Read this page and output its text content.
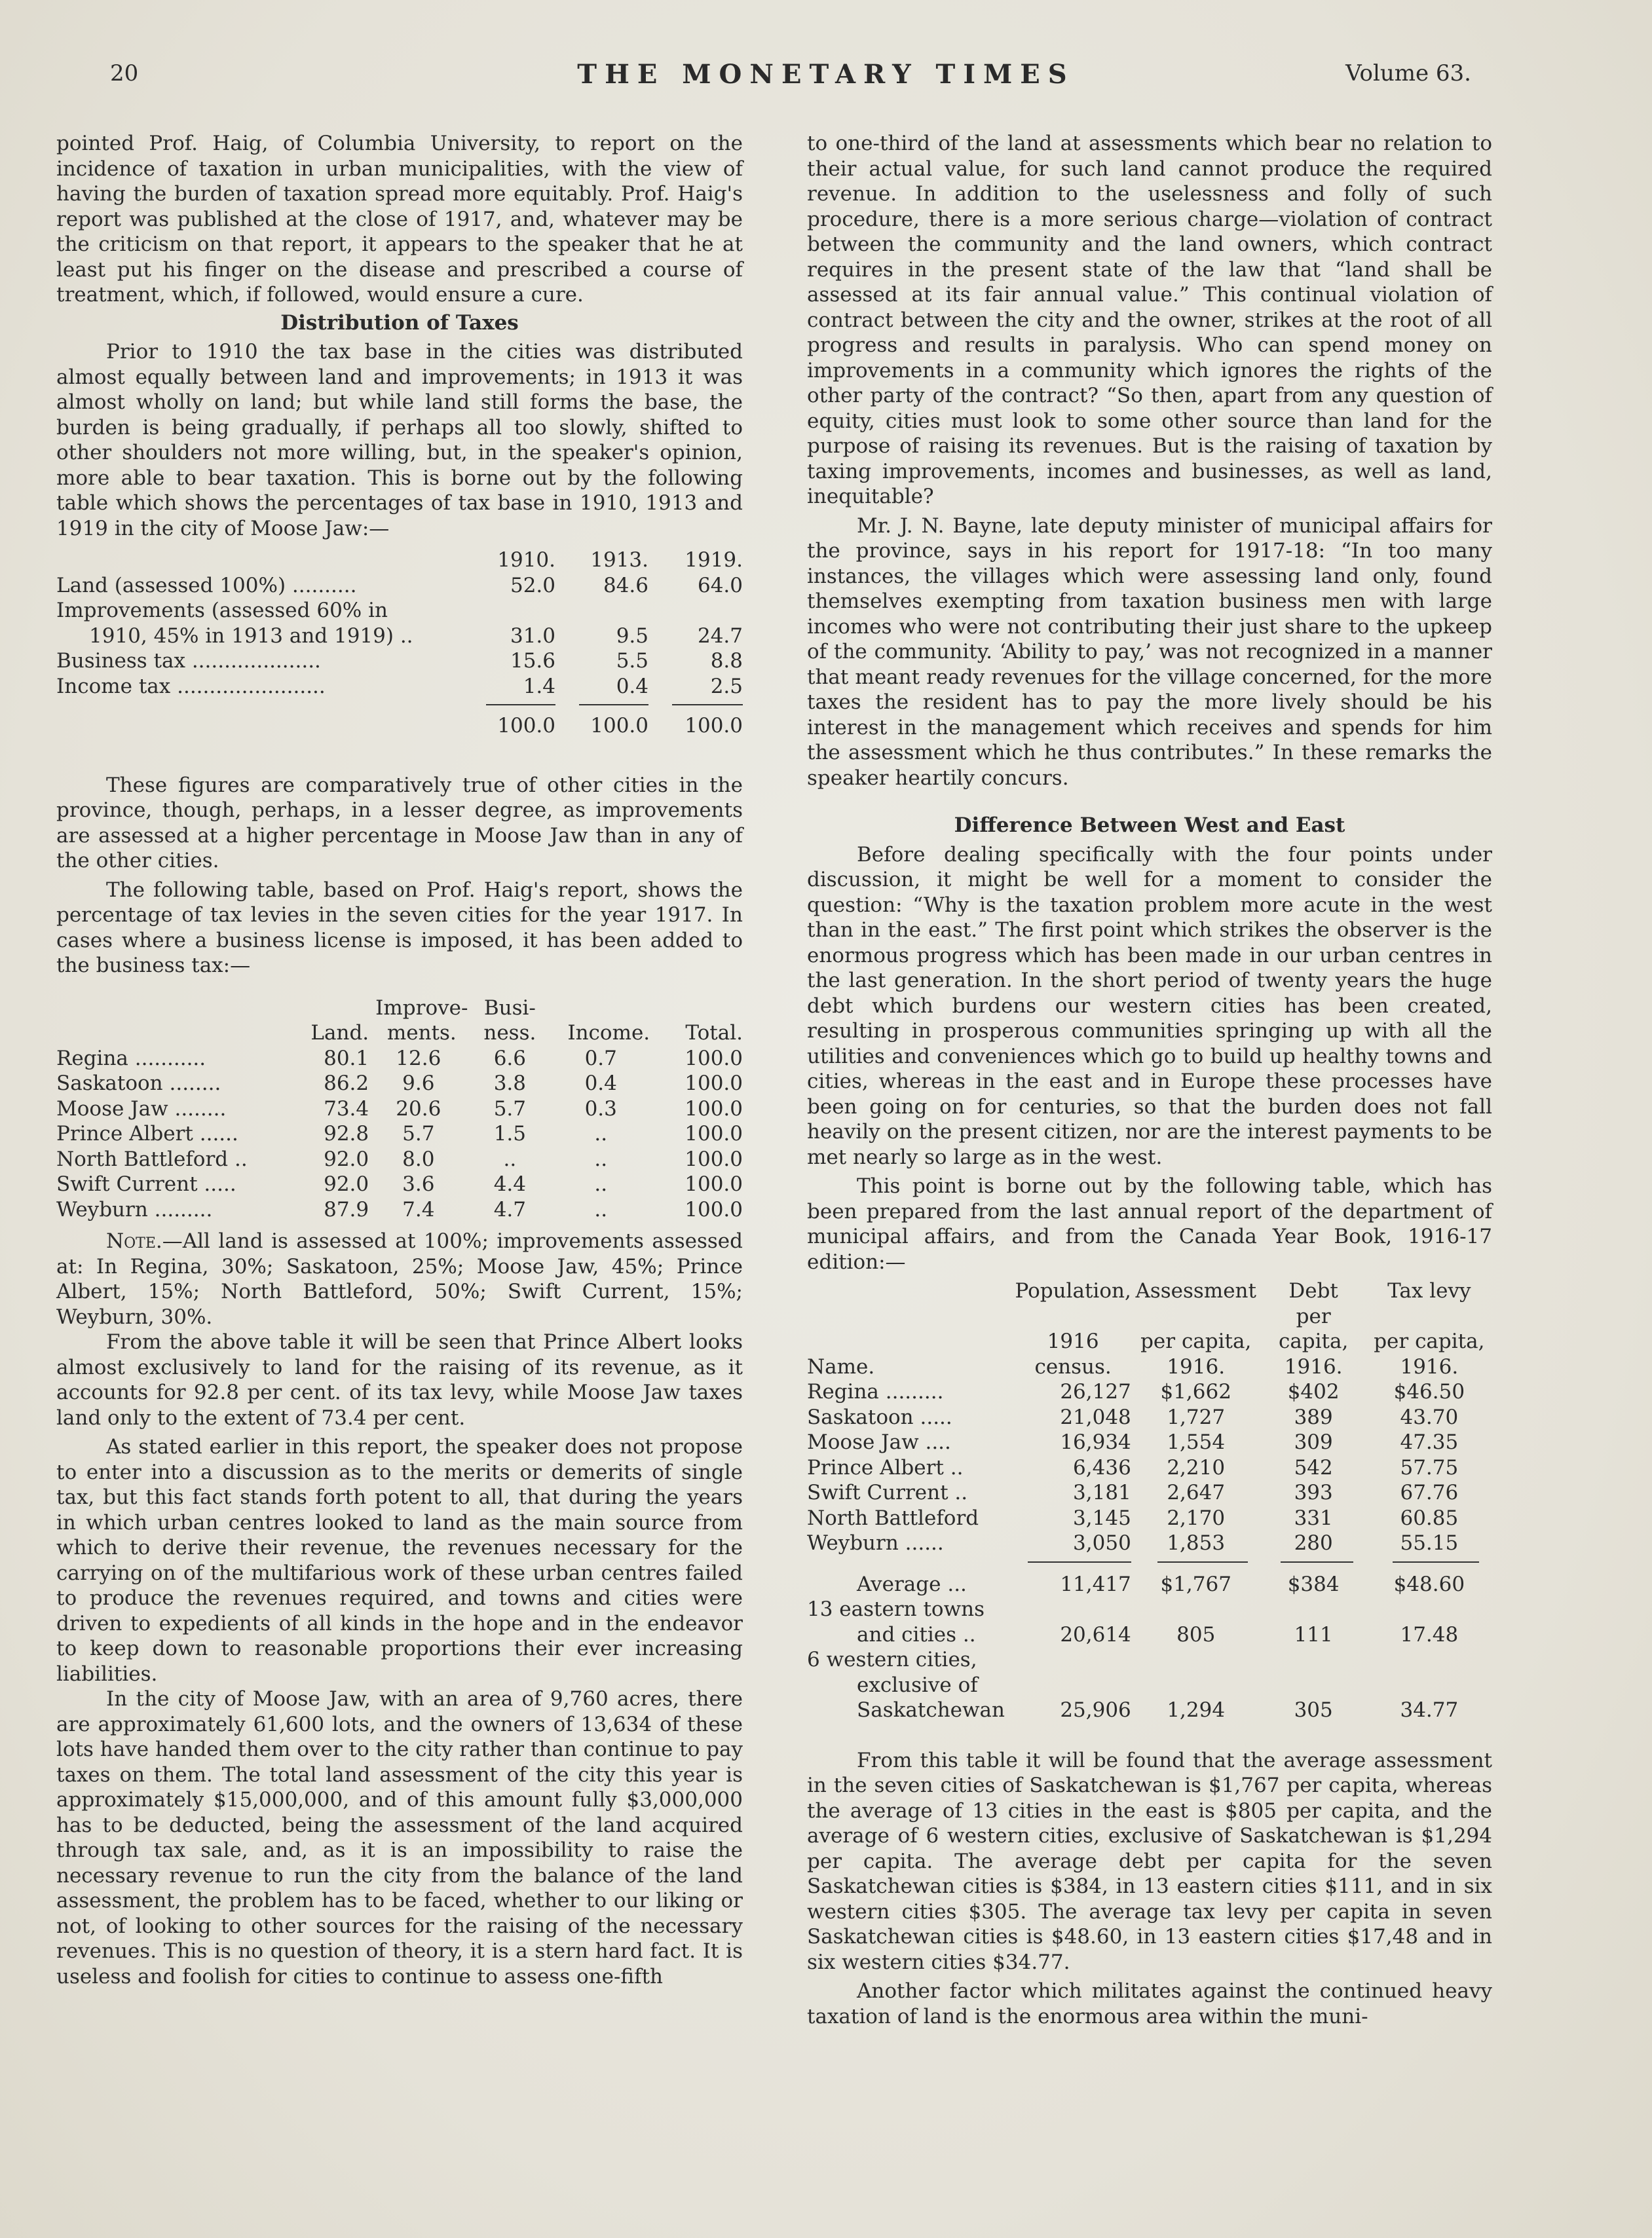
20	THE MONETARY TIMES	Volume 63.

pointed Prof. Haig, of Columbia University, to report on the incidence of taxation in urban municipalities, with the view of having the burden of taxation spread more equitably. Prof. Haig's report was published at the close of 1917, and, whatever may be the criticism on that report, it appears to the speaker that he at least put his finger on the disease and prescribed a course of treatment, which, if followed, would ensure a cure.

Distribution of Taxes

Prior to 1910 the tax base in the cities was distributed almost equally between land and improvements; in 1913 it was almost wholly on land; but while land still forms the base, the burden is being gradually, if perhaps all too slowly, shifted to other shoulders not more willing, but, in the speaker's opinion, more able to bear taxation. This is borne out by the following table which shows the percentages of tax base in 1910, 1913 and 1919 in the city of Moose Jaw:—

	1910.	1913.	1919.
Land (assessed 100%) ..........	52.0	84.6	64.0
Improvements (assessed 60% in			
1910, 45% in 1913 and 1919) ..	31.0	9.5	24.7
Business tax ....................	15.6	5.5	8.8
Income tax .......................	1.4	0.4	2.5

	100.0	100.0	100.0

These figures are comparatively true of other cities in the province, though, perhaps, in a lesser degree, as improvements are assessed at a higher percentage in Moose Jaw than in any of the other cities.

The following table, based on Prof. Haig's report, shows the percentage of tax levies in the seven cities for the year 1917. In cases where a business license is imposed, it has been added to the business tax:—

	Land.	Improve- ments.	Busi- ness.	Income.	Total.
Regina ...........	80.1	12.6	6.6	0.7	100.0
Saskatoon ........	86.2	9.6	3.8	0.4	100.0
Moose Jaw ........	73.4	20.6	5.7	0.3	100.0
Prince Albert ......	92.8	5.7	1.5	..	100.0
North Battleford ..	92.0	8.0	..	..	100.0
Swift Current .....	92.0	3.6	4.4	..	100.0
Weyburn .........	87.9	7.4	4.7	..	100.0

Note.—All land is assessed at 100%; improvements assessed at: In Regina, 30%; Saskatoon, 25%; Moose Jaw, 45%; Prince Albert, 15%; North Battleford, 50%; Swift Current, 15%; Weyburn, 30%.

From the above table it will be seen that Prince Albert looks almost exclusively to land for the raising of its revenue, as it accounts for 92.8 per cent. of its tax levy, while Moose Jaw taxes land only to the extent of 73.4 per cent.

As stated earlier in this report, the speaker does not propose to enter into a discussion as to the merits or demerits of single tax, but this fact stands forth potent to all, that during the years in which urban centres looked to land as the main source from which to derive their revenue, the revenues necessary for the carrying on of the multifarious work of these urban centres failed to produce the revenues required, and towns and cities were driven to expedients of all kinds in the hope and in the endeavor to keep down to reasonable proportions their ever increasing liabilities.

In the city of Moose Jaw, with an area of 9,760 acres, there are approximately 61,600 lots, and the owners of 13,634 of these lots have handed them over to the city rather than continue to pay taxes on them. The total land assessment of the city this year is approximately $15,000,000, and of this amount fully $3,000,000 has to be deducted, being the assessment of the land acquired through tax sale, and, as it is an impossibility to raise the necessary revenue to run the city from the balance of the land assessment, the problem has to be faced, whether to our liking or not, of looking to other sources for the raising of the necessary revenues. This is no question of theory, it is a stern hard fact. It is useless and foolish for cities to continue to assess one-fifth

to one-third of the land at assessments which bear no relation to their actual value, for such land cannot produce the required revenue. In addition to the uselessness and folly of such procedure, there is a more serious charge—violation of contract between the community and the land owners, which contract requires in the present state of the law that “land shall be assessed at its fair annual value.” This continual violation of contract between the city and the owner, strikes at the root of all progress and results in paralysis. Who can spend money on improvements in a community which ignores the rights of the other party of the contract? “So then, apart from any question of equity, cities must look to some other source than land for the purpose of raising its revenues. But is the raising of taxation by taxing improvements, incomes and businesses, as well as land, inequitable?

Mr. J. N. Bayne, late deputy minister of municipal affairs for the province, says in his report for 1917-18: “In too many instances, the villages which were assessing land only, found themselves exempting from taxation business men with large incomes who were not contributing their just share to the upkeep of the community. ‘Ability to pay,’ was not recognized in a manner that meant ready revenues for the village concerned, for the more taxes the resident has to pay the more lively should be his interest in the management which receives and spends for him the assessment which he thus contributes.” In these remarks the speaker heartily concurs.

Difference Between West and East

Before dealing specifically with the four points under discussion, it might be well for a moment to consider the question: “Why is the taxation problem more acute in the west than in the east.” The first point which strikes the observer is the enormous progress which has been made in our urban centres in the last generation. In the short period of twenty years the huge debt which burdens our western cities has been created, resulting in prosperous communities springing up with all the utilities and conveniences which go to build up healthy towns and cities, whereas in the east and in Europe these processes have been going on for centuries, so that the burden does not fall heavily on the present citizen, nor are the interest payments to be met nearly so large as in the west.

This point is borne out by the following table, which has been prepared from the last annual report of the department of municipal affairs, and from the Canada Year Book, 1916-17 edition:—

	Population,	Assessment	Debt	Tax levy
	1916	per capita,	per capita,	per capita,
Name.	census.	1916.	1916.	1916.
Regina .........	26,127	$1,662	$402	$46.50
Saskatoon .....	21,048	1,727	389	43.70
Moose Jaw ....	16,934	1,554	309	47.35
Prince Albert ..	6,436	2,210	542	57.75
Swift Current ..	3,181	2,647	393	67.76
North Battleford	3,145	2,170	331	60.85
Weyburn ......	3,050	1,853	280	55.15

Average ...	11,417	$1,767	$384	$48.60
13 eastern towns				
and cities ..	20,614	805	111	17.48
6 western cities,				
exclusive of				
Saskatchewan	25,906	1,294	305	34.77

From this table it will be found that the average assessment in the seven cities of Saskatchewan is $1,767 per capita, whereas the average of 13 cities in the east is $805 per capita, and the average of 6 western cities, exclusive of Saskatchewan is $1,294 per capita. The average debt per capita for the seven Saskatchewan cities is $384, in 13 eastern cities $111, and in six western cities $305. The average tax levy per capita in seven Saskatchewan cities is $48.60, in 13 eastern cities $17,48 and in six western cities $34.77.

Another factor which militates against the continued heavy taxation of land is the enormous area within the muni-
